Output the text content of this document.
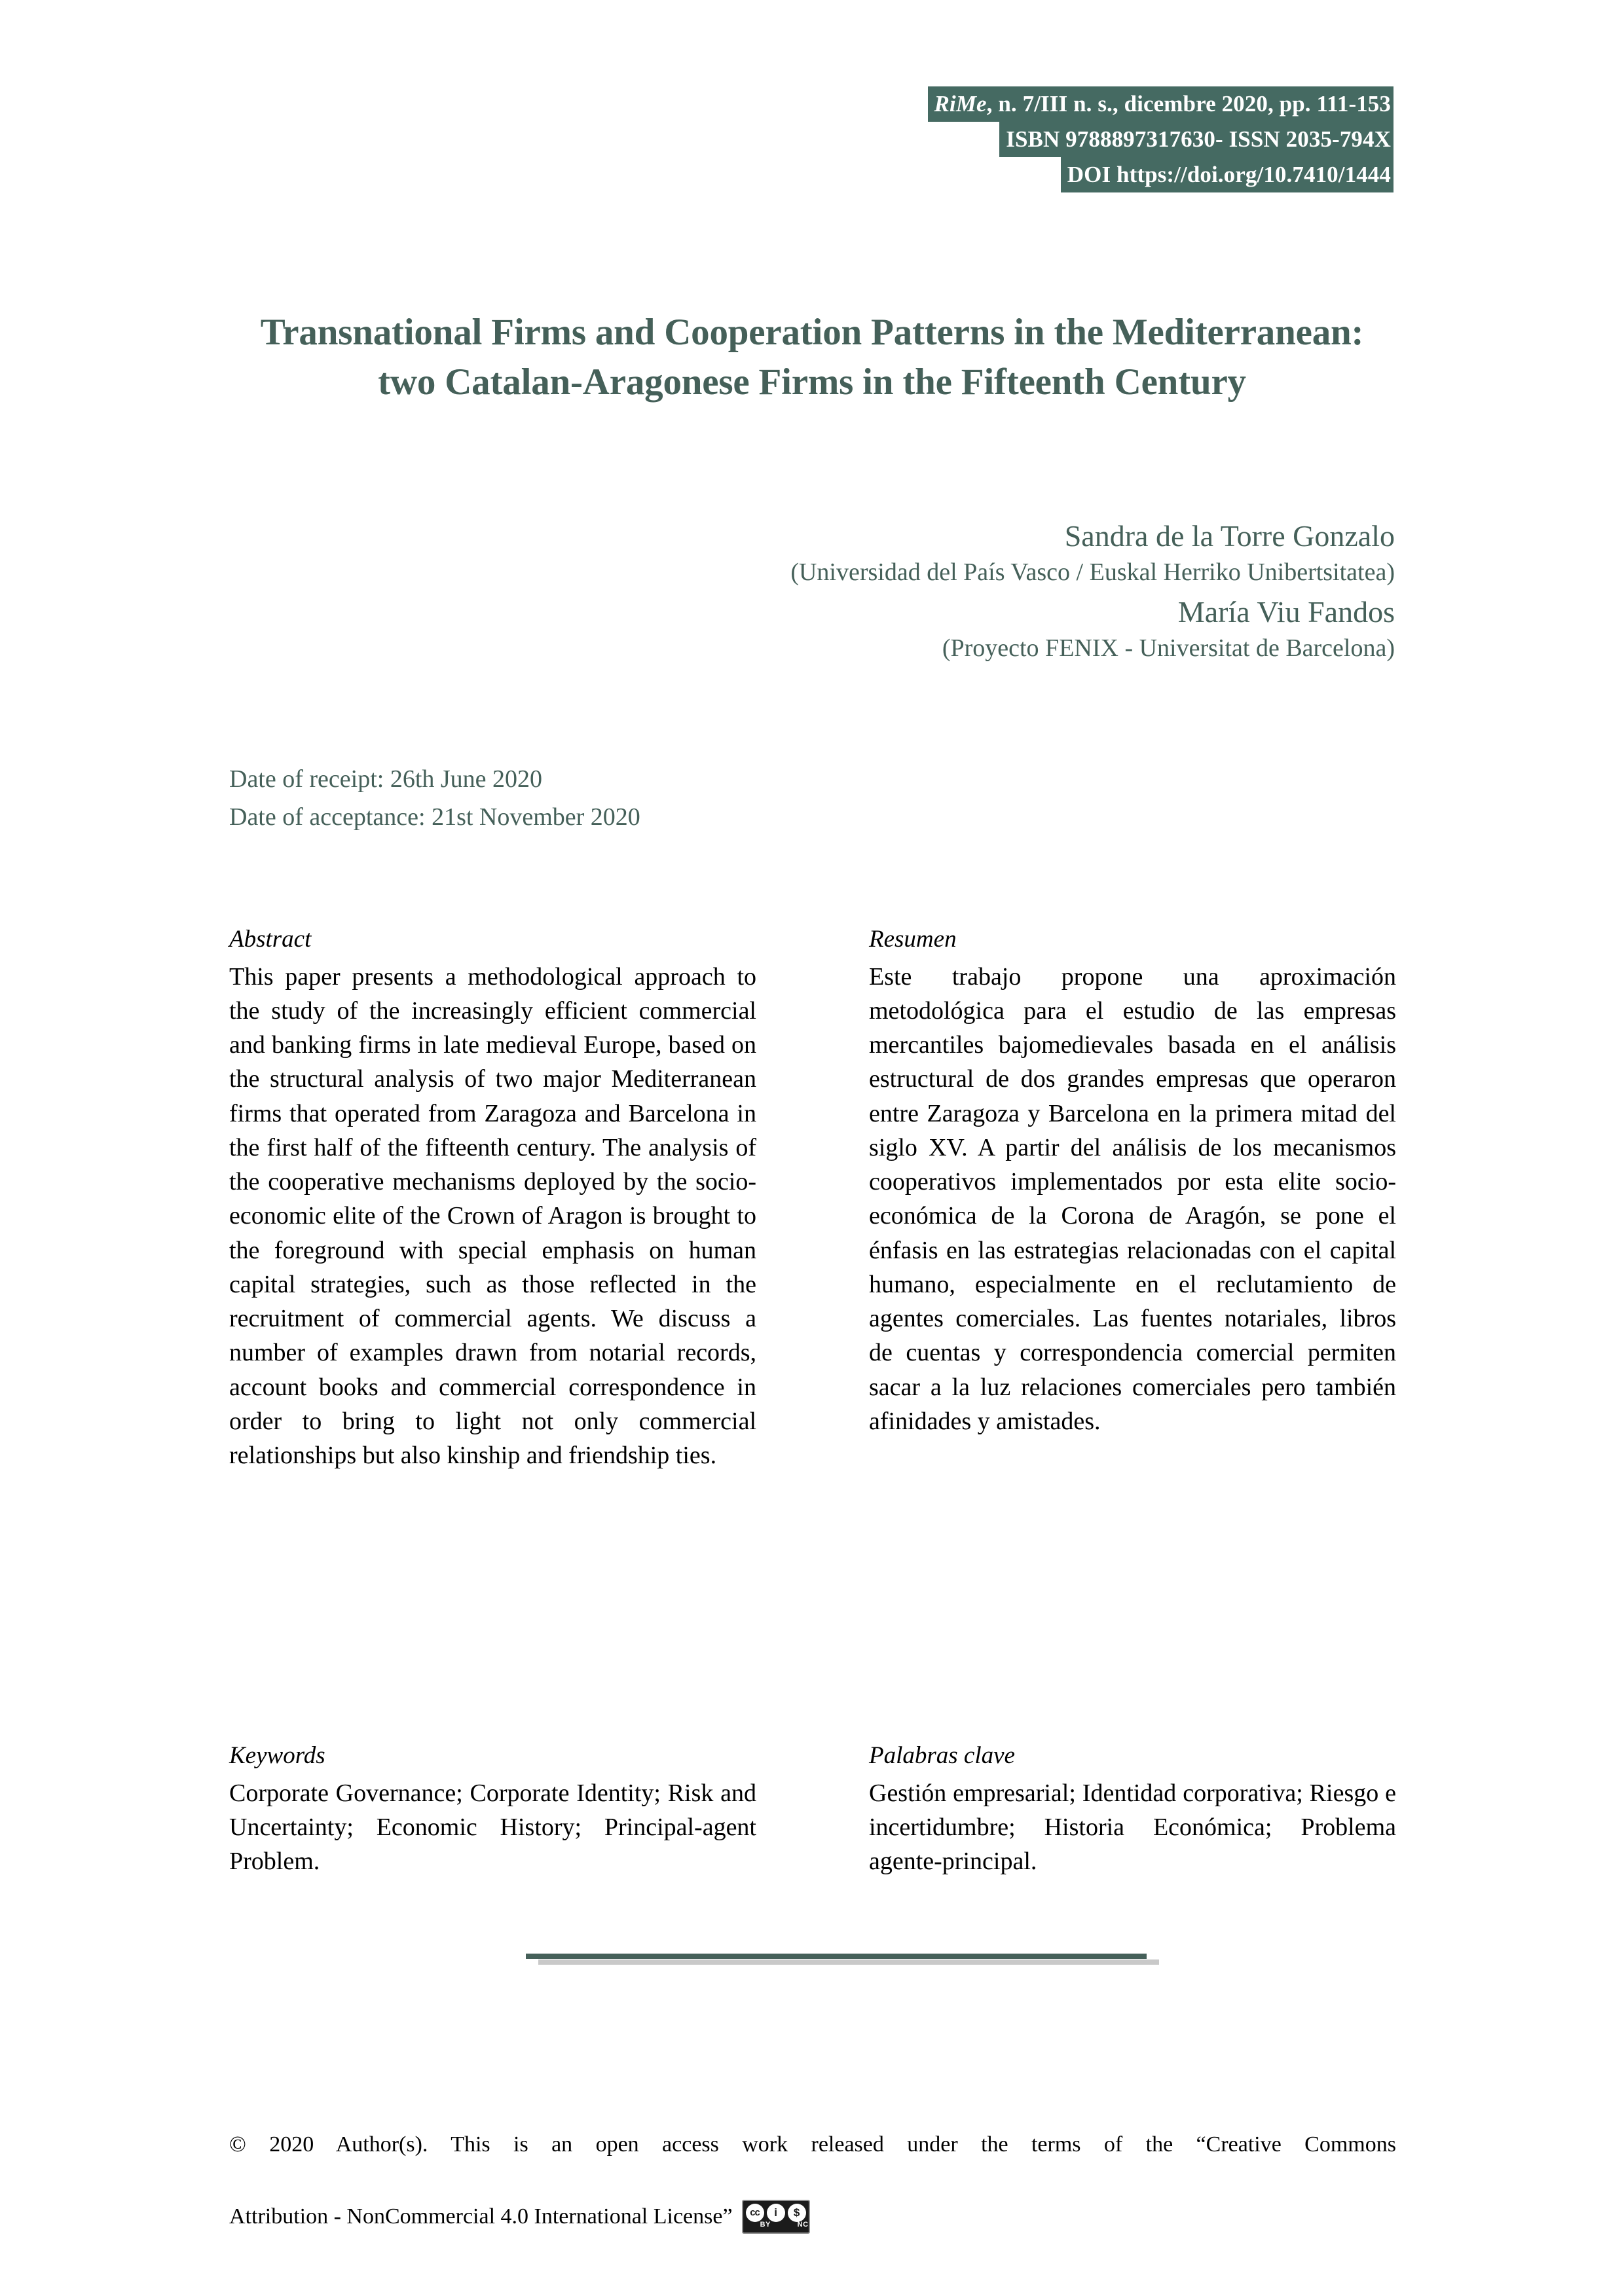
RiMe, n. 7/III n. s., dicembre 2020, pp. 111-153
ISBN 9788897317630- ISSN 2035-794X
DOI https://doi.org/10.7410/1444
Transnational Firms and Cooperation Patterns in the Mediterranean: two Catalan-Aragonese Firms in the Fifteenth Century
Sandra de la Torre Gonzalo
(Universidad del País Vasco / Euskal Herriko Unibertsitatea)
María Viu Fandos
(Proyecto FENIX - Universitat de Barcelona)
Date of receipt: 26th June 2020
Date of acceptance: 21st November 2020
Abstract
This paper presents a methodological approach to the study of the increasingly efficient commercial and banking firms in late medieval Europe, based on the structural analysis of two major Mediterranean firms that operated from Zaragoza and Barcelona in the first half of the fifteenth century. The analysis of the cooperative mechanisms deployed by the socio-economic elite of the Crown of Aragon is brought to the foreground with special emphasis on human capital strategies, such as those reflected in the recruitment of commercial agents. We discuss a number of examples drawn from notarial records, account books and commercial correspondence in order to bring to light not only commercial relationships but also kinship and friendship ties.
Resumen
Este trabajo propone una aproximación metodológica para el estudio de las empresas mercantiles bajomedievales basada en el análisis estructural de dos grandes empresas que operaron entre Zaragoza y Barcelona en la primera mitad del siglo XV. A partir del análisis de los mecanismos cooperativos implementados por esta elite socio-económica de la Corona de Aragón, se pone el énfasis en las estrategias relacionadas con el capital humano, especialmente en el reclutamiento de agentes comerciales. Las fuentes notariales, libros de cuentas y correspondencia comercial permiten sacar a la luz relaciones comerciales pero también afinidades y amistades.
Keywords
Corporate Governance; Corporate Identity; Risk and Uncertainty; Economic History; Principal-agent Problem.
Palabras clave
Gestión empresarial; Identidad corporativa; Riesgo e incertidumbre; Historia Económica; Problema agente-principal.
© 2020 Author(s). This is an open access work released under the terms of the “Creative Commons
Attribution - NonCommercial 4.0 International License”	cc	i	$
BY	NC
